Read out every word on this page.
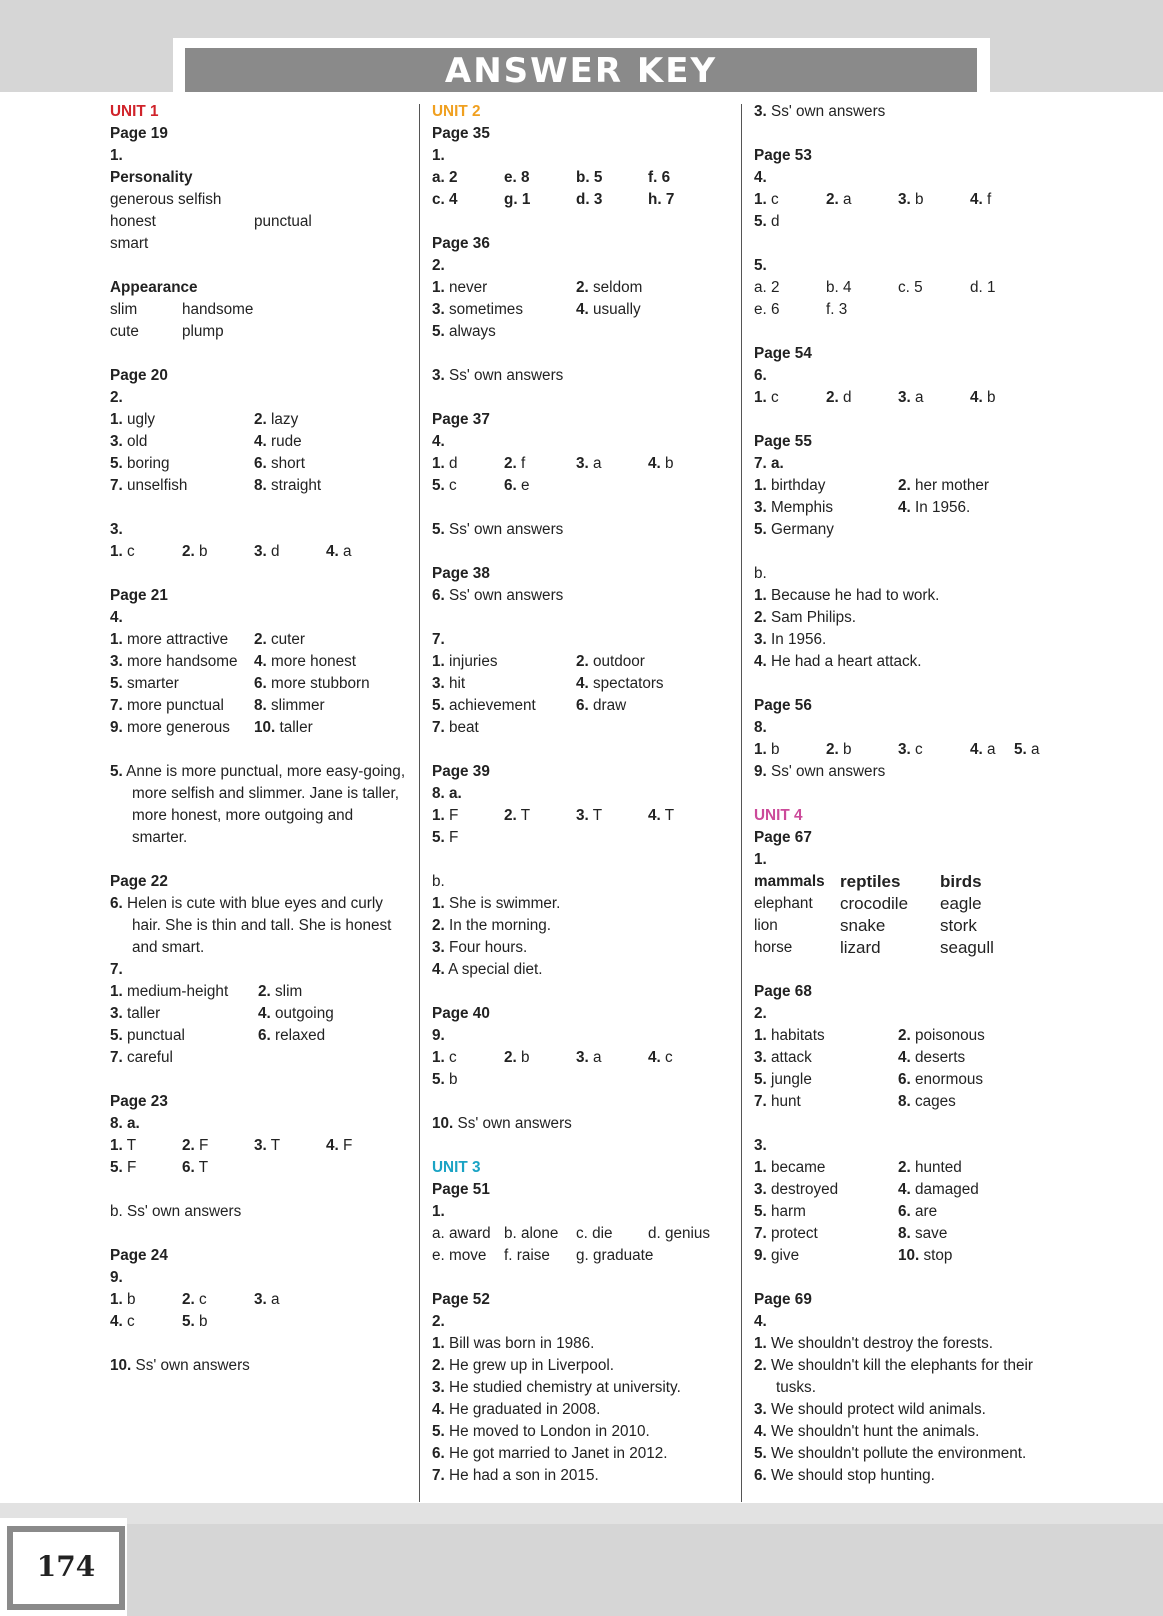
ANSWER KEY
UNIT 1
Page 19
1.
Personality
generous selfish
honest	punctual
smart
Appearance
slim	handsome
cute	plump
Page 20
2.
1. ugly	2. lazy
3. old	4. rude
5. boring	6. short
7. unselfish	8. straight
3.
1. c	2. b	3. d	4. a
Page 21
4.
1. more attractive 2. cuter
3. more handsome 4. more honest
5. smarter	6. more stubborn
7. more punctual 8. slimmer
9. more generous 10. taller
5. Anne is more punctual, more easy-going, more selfish and slimmer. Jane is taller, more honest, more outgoing and smarter.
Page 22
6. Helen is cute with blue eyes and curly hair. She is thin and tall. She is honest and smart.
7.
1. medium-height 2. slim
3. taller	4. outgoing
5. punctual	6. relaxed
7. careful
Page 23
8. a.
1. T	2. F	3. T	4. F
5. F	6. T
b. Ss' own answers
Page 24
9.
1. b	2. c	3. a
4. c	5. b
10. Ss' own answers
UNIT 2
Page 35
1.
a. 2	e. 8	b. 5	f. 6
c. 4	g. 1	d. 3	h. 7
Page 36
2.
1. never	2. seldom
3. sometimes	4. usually
5. always
3. Ss' own answers
Page 37
4.
1. d	2. f	3. a	4. b
5. c	6. e
5. Ss' own answers
Page 38
6. Ss' own answers
7.
1. injuries	2. outdoor
3. hit	4. spectators
5. achievement	6. draw
7. beat
Page 39
8. a.
1. F	2. T	3. T	4. T
5. F
b.
1. She is swimmer.
2. In the morning.
3. Four hours.
4. A special diet.
Page 40
9.
1. c	2. b	3. a	4. c
5. b
10. Ss' own answers
UNIT 3
Page 51
1.
a. award b. alone c. die d. genius
e. move f. raise g. graduate
Page 52
2.
1. Bill was born in 1986.
2. He grew up in Liverpool.
3. He studied chemistry at university.
4. He graduated in 2008.
5. He moved to London in 2010.
6. He got married to Janet in 2012.
7. He had a son in 2015.
3. Ss' own answers
Page 53
4.
1. c	2. a	3. b	4. f
5. d
5.
a. 2	b. 4	c. 5	d. 1
e. 6	f. 3
Page 54
6.
1. c	2. d	3. a	4. b
Page 55
7. a.
1. birthday	2. her mother
3. Memphis	4. In 1956.
5. Germany
b.
1. Because he had to work.
2. Sam Philips.
3. In 1956.
4. He had a heart attack.
Page 56
8.
1. b	2. b	3. c	4. a 5. a
9. Ss' own answers
UNIT 4
Page 67
1.
mammals reptiles birds
elephant crocodile eagle
lion	snake	stork
horse	lizard	seagull
Page 68
2.
1. habitats	2. poisonous
3. attack	4. deserts
5. jungle	6. enormous
7. hunt	8. cages
3.
1. became	2. hunted
3. destroyed	4. damaged
5. harm	6. are
7. protect	8. save
9. give	10. stop
Page 69
4.
1. We shouldn't destroy the forests.
2. We shouldn't kill the elephants for their tusks.
3. We should protect wild animals.
4. We shouldn't hunt the animals.
5. We shouldn't pollute the environment.
6. We should stop hunting.
174
